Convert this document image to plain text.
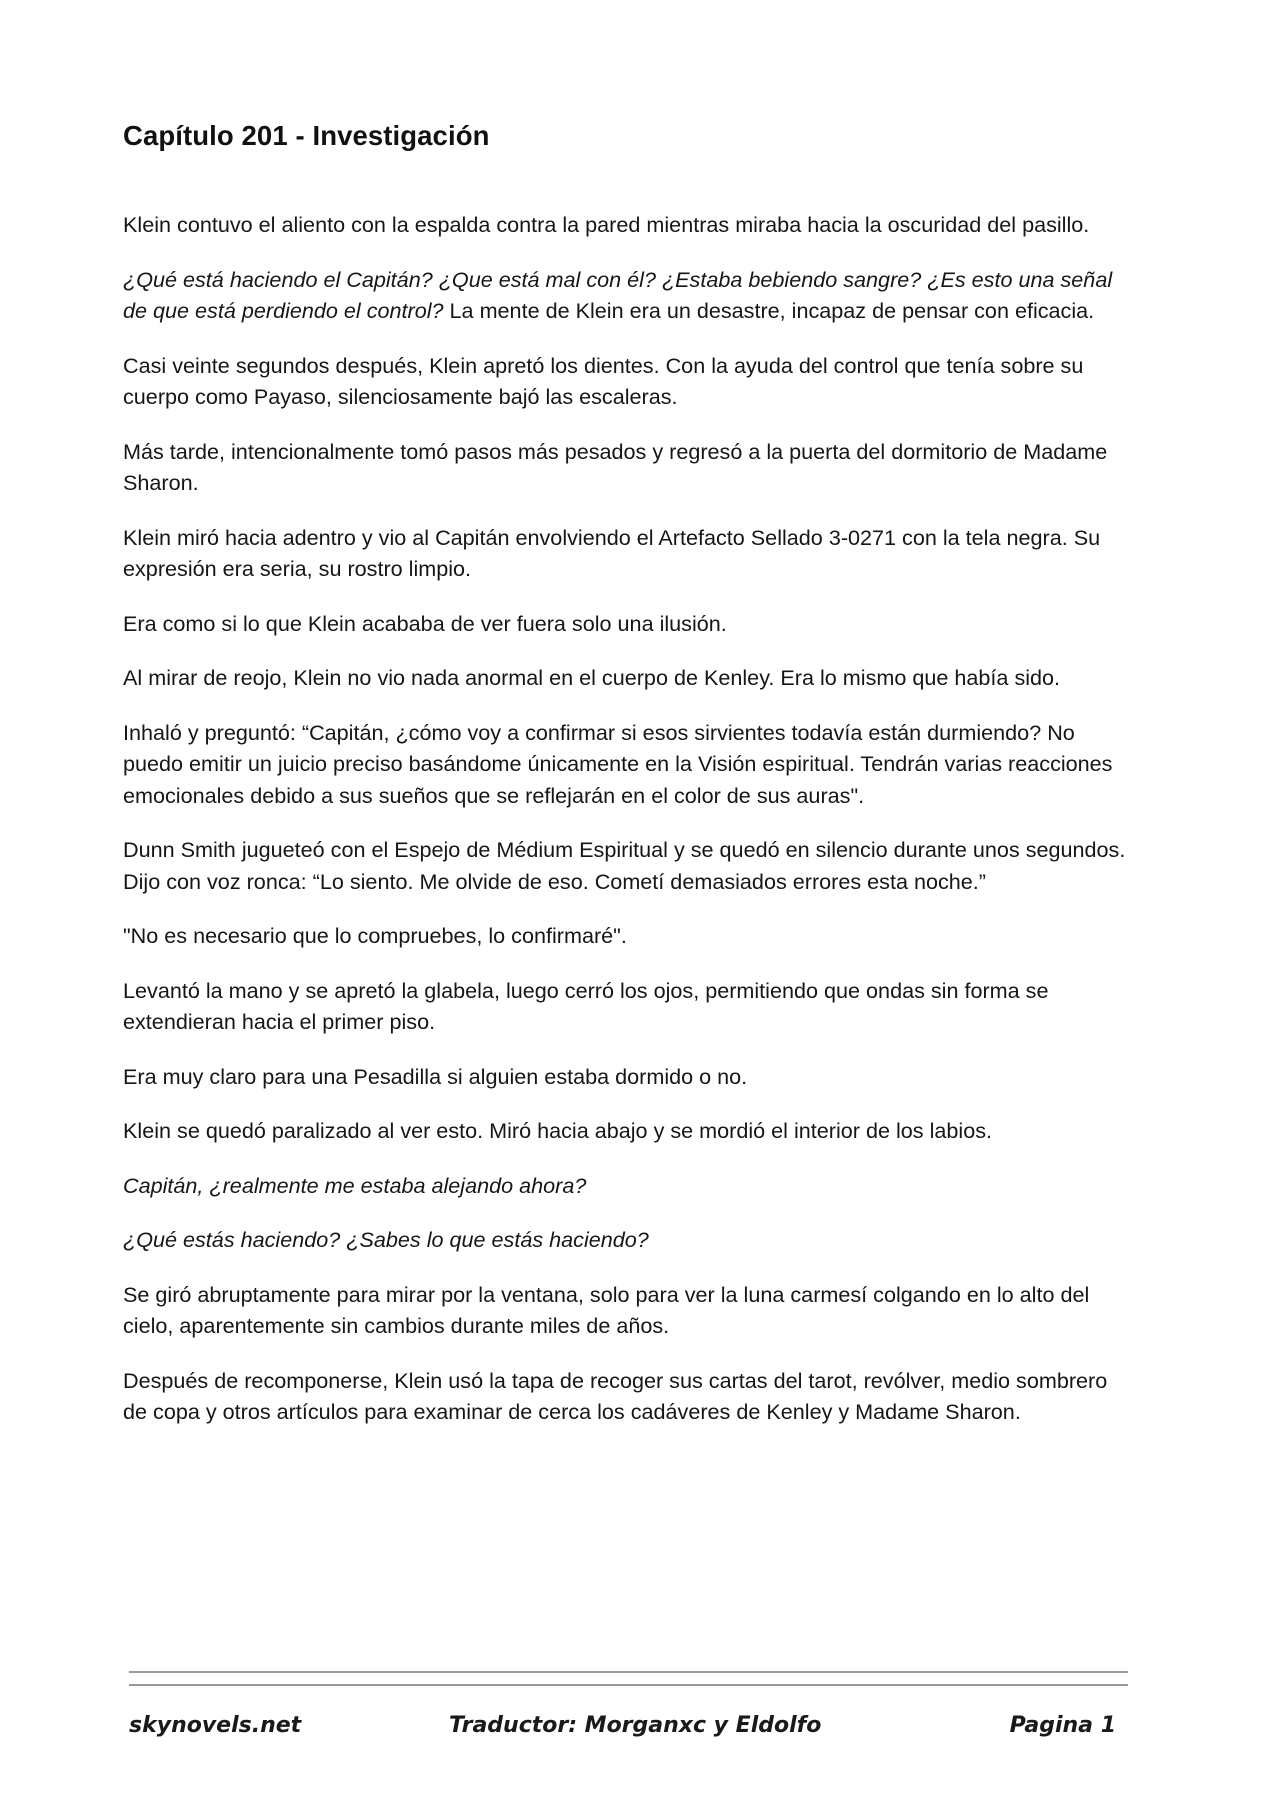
Capítulo 201 - Investigación

Klein contuvo el aliento con la espalda contra la pared mientras miraba hacia la oscuridad del pasillo.

¿Qué está haciendo el Capitán? ¿Que está mal con él? ¿Estaba bebiendo sangre? ¿Es esto una señal de que está perdiendo el control? La mente de Klein era un desastre, incapaz de pensar con eficacia.

Casi veinte segundos después, Klein apretó los dientes. Con la ayuda del control que tenía sobre su cuerpo como Payaso, silenciosamente bajó las escaleras.

Más tarde, intencionalmente tomó pasos más pesados y regresó a la puerta del dormitorio de Madame Sharon.

Klein miró hacia adentro y vio al Capitán envolviendo el Artefacto Sellado 3-0271 con la tela negra. Su expresión era seria, su rostro limpio.

Era como si lo que Klein acababa de ver fuera solo una ilusión.

Al mirar de reojo, Klein no vio nada anormal en el cuerpo de Kenley. Era lo mismo que había sido.

Inhaló y preguntó: “Capitán, ¿cómo voy a confirmar si esos sirvientes todavía están durmiendo? No puedo emitir un juicio preciso basándome únicamente en la Visión espiritual. Tendrán varias reacciones emocionales debido a sus sueños que se reflejarán en el color de sus auras".

Dunn Smith jugueteó con el Espejo de Médium Espiritual y se quedó en silencio durante unos segundos. Dijo con voz ronca: “Lo siento. Me olvide de eso. Cometí demasiados errores esta noche.”

"No es necesario que lo compruebes, lo confirmaré".

Levantó la mano y se apretó la glabela, luego cerró los ojos, permitiendo que ondas sin forma se extendieran hacia el primer piso.

Era muy claro para una Pesadilla si alguien estaba dormido o no.

Klein se quedó paralizado al ver esto. Miró hacia abajo y se mordió el interior de los labios.

Capitán, ¿realmente me estaba alejando ahora?

¿Qué estás haciendo? ¿Sabes lo que estás haciendo?

Se giró abruptamente para mirar por la ventana, solo para ver la luna carmesí colgando en lo alto del cielo, aparentemente sin cambios durante miles de años.

Después de recomponerse, Klein usó la tapa de recoger sus cartas del tarot, revólver, medio sombrero de copa y otros artículos para examinar de cerca los cadáveres de Kenley y Madame Sharon.

skynovels.net	Traductor: Morganxc y Eldolfo	Pagina 1
